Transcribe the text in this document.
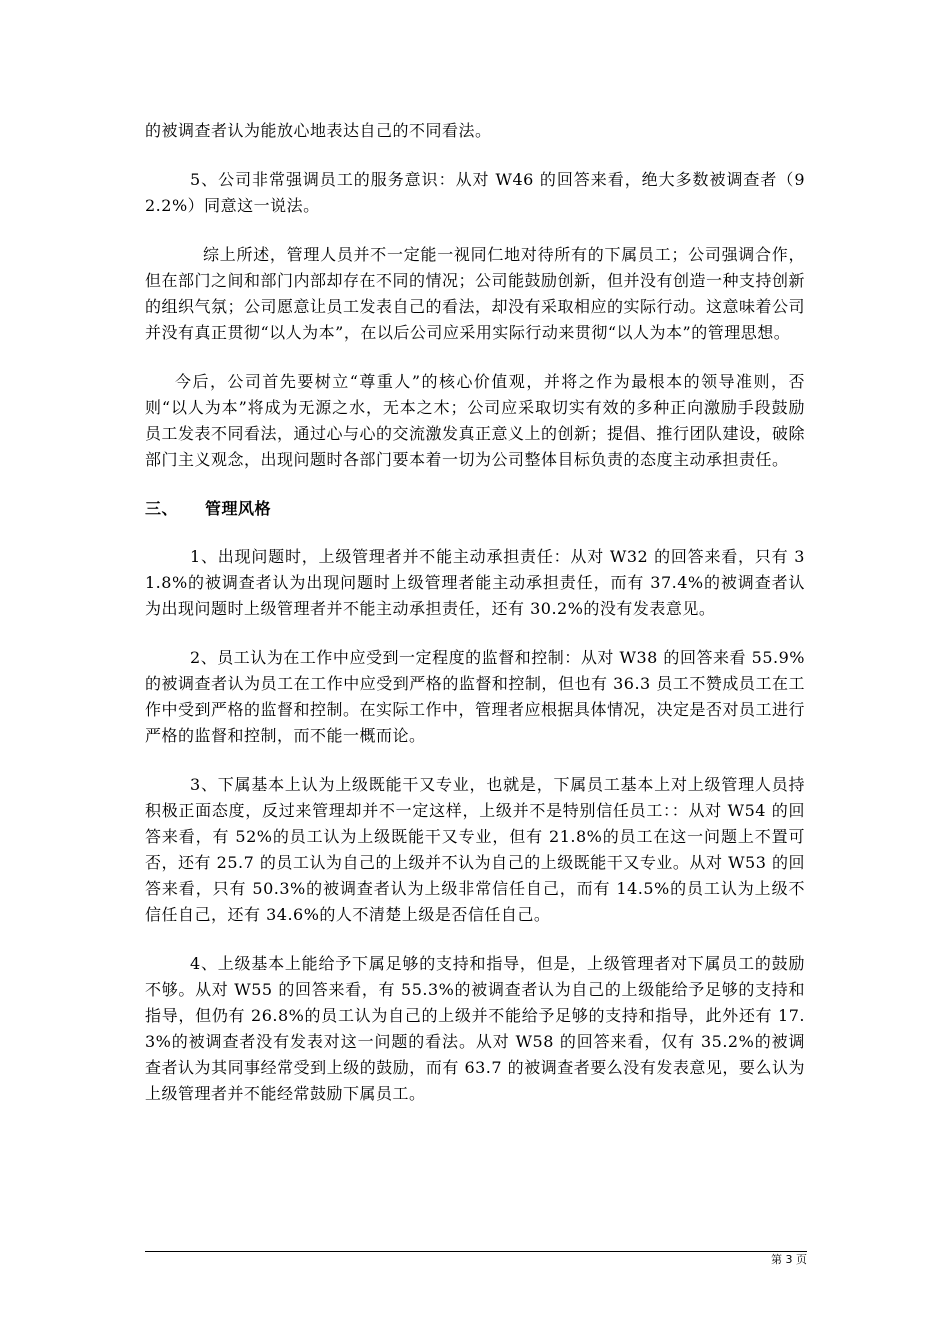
的被调查者认为能放心地表达自己的不同看法。

5、公司非常强调员工的服务意识：从对 W46 的回答来看，绝大多数被调查者（92.2%）同意这一说法。

综上所述，管理人员并不一定能一视同仁地对待所有的下属员工；公司强调合作，但在部门之间和部门内部却存在不同的情况；公司能鼓励创新，但并没有创造一种支持创新的组织气氛；公司愿意让员工发表自己的看法，却没有采取相应的实际行动。这意味着公司并没有真正贯彻“以人为本”，在以后公司应采用实际行动来贯彻“以人为本”的管理思想。

今后，公司首先要树立“尊重人”的核心价值观，并将之作为最根本的领导准则，否则“以人为本”将成为无源之水，无本之木；公司应采取切实有效的多种正向激励手段鼓励员工发表不同看法，通过心与心的交流激发真正意义上的创新；提倡、推行团队建设，破除部门主义观念，出现问题时各部门要本着一切为公司整体目标负责的态度主动承担责任。

三、 管理风格

1、出现问题时，上级管理者并不能主动承担责任：从对 W32 的回答来看，只有 31.8%的被调查者认为出现问题时上级管理者能主动承担责任，而有 37.4%的被调查者认为出现问题时上级管理者并不能主动承担责任，还有 30.2%的没有发表意见。

2、员工认为在工作中应受到一定程度的监督和控制：从对 W38 的回答来看 55.9%的被调查者认为员工在工作中应受到严格的监督和控制，但也有 36.3 员工不赞成员工在工作中受到严格的监督和控制。在实际工作中，管理者应根据具体情况，决定是否对员工进行严格的监督和控制，而不能一概而论。

3、下属基本上认为上级既能干又专业，也就是，下属员工基本上对上级管理人员持积极正面态度，反过来管理却并不一定这样，上级并不是特别信任员工：：从对 W54 的回答来看，有 52%的员工认为上级既能干又专业，但有 21.8%的员工在这一问题上不置可否，还有 25.7 的员工认为自己的上级并不认为自己的上级既能干又专业。从对 W53 的回答来看，只有 50.3%的被调查者认为上级非常信任自己，而有 14.5%的员工认为上级不信任自己，还有 34.6%的人不清楚上级是否信任自己。

4、上级基本上能给予下属足够的支持和指导，但是，上级管理者对下属员工的鼓励不够。从对 W55 的回答来看，有 55.3%的被调查者认为自己的上级能给予足够的支持和指导，但仍有 26.8%的员工认为自己的上级并不能给予足够的支持和指导，此外还有 17.3%的被调查者没有发表对这一问题的看法。从对 W58 的回答来看，仅有 35.2%的被调查者认为其同事经常受到上级的鼓励，而有 63.7 的被调查者要么没有发表意见，要么认为上级管理者并不能经常鼓励下属员工。

第 3 页
